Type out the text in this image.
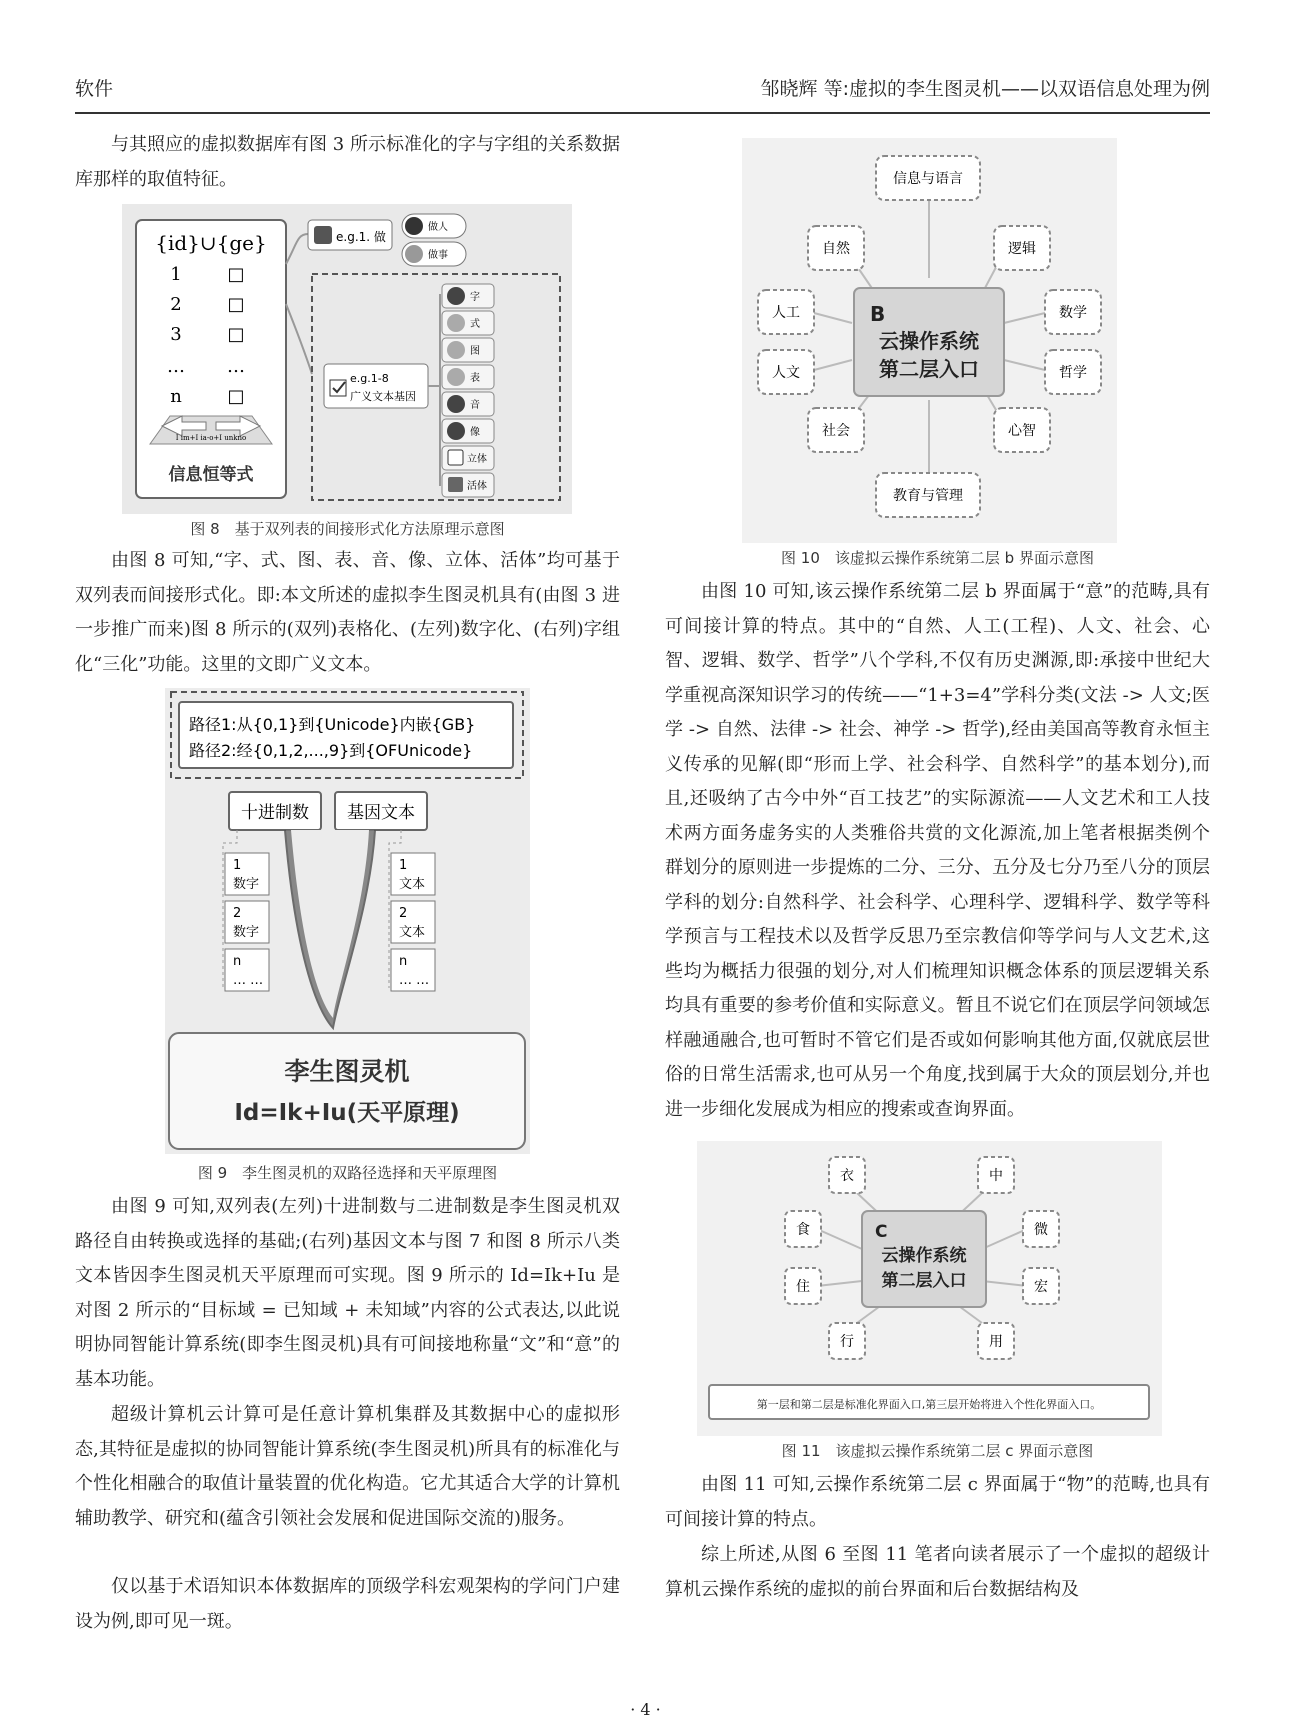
软件	邹晓辉 等:虚拟的李生图灵机——以双语信息处理为例

与其照应的虚拟数据库有图 3 所示标准化的字与字组的关系数据库那样的取值特征。

{id}∪{ge}
1
2
3
…
n
□
□
□
…
□
I im+I ia-o+I unkno
信息恒等式
e.g.1. 做
做人
做事
e.g.1-8
广义文本基因
字
式
图
表
音
像
立体
活体
图 8　基于双列表的间接形式化方法原理示意图

由图 8 可知,“字、式、图、表、音、像、立体、活体”均可基于双列表而间接形式化。即:本文所述的虚拟李生图灵机具有(由图 3 进一步推广而来)图 8 所示的(双列)表格化、(左列)数字化、(右列)字组化“三化”功能。这里的文即广义文本。

路径1:从{0,1}到{Unicode}内嵌{GB}
路径2:经{0,1,2,...,9}到{OFUnicode}
十进制数 基因文本
1
数字
2
数字
n
… …
1
文本
2
文本
n
… …
李生图灵机
Id=Ik+Iu(天平原理)
图 9　李生图灵机的双路径选择和天平原理图

由图 9 可知,双列表(左列)十进制数与二进制数是李生图灵机双路径自由转换或选择的基础;(右列)基因文本与图 7 和图 8 所示八类文本皆因李生图灵机天平原理而可实现。图 9 所示的 Id=Ik+Iu 是对图 2 所示的“目标域 = 已知域 + 未知域”内容的公式表达,以此说明协同智能计算系统(即李生图灵机)具有可间接地称量“文”和“意”的基本功能。

超级计算机云计算可是任意计算机集群及其数据中心的虚拟形态,其特征是虚拟的协同智能计算系统(李生图灵机)所具有的标准化与个性化相融合的取值计量装置的优化构造。它尤其适合大学的计算机辅助教学、研究和(蕴含引领社会发展和促进国际交流的)服务。

仅以基于术语知识本体数据库的顶级学科宏观架构的学问门户建设为例,即可见一斑。

B
云操作系统
第二层入口
信息与语言
自然	逻辑
人工	数学
人文	哲学
社会	心智
教育与管理
图 10　该虚拟云操作系统第二层 b 界面示意图

由图 10 可知,该云操作系统第二层 b 界面属于“意”的范畴,具有可间接计算的特点。其中的“自然、人工(工程)、人文、社会、心智、逻辑、数学、哲学”八个学科,不仅有历史渊源,即:承接中世纪大学重视高深知识学习的传统——“1+3=4”学科分类(文法 -> 人文;医学 -> 自然、法律 -> 社会、神学 -> 哲学),经由美国高等教育永恒主义传承的见解(即“形而上学、社会科学、自然科学”的基本划分),而且,还吸纳了古今中外“百工技艺”的实际源流——人文艺术和工人技术两方面务虚务实的人类雅俗共赏的文化源流,加上笔者根据类例个群划分的原则进一步提炼的二分、三分、五分及七分乃至八分的顶层学科的划分:自然科学、社会科学、心理科学、逻辑科学、数学等科学预言与工程技术以及哲学反思乃至宗教信仰等学问与人文艺术,这些均为概括力很强的划分,对人们梳理知识概念体系的顶层逻辑关系均具有重要的参考价值和实际意义。暂且不说它们在顶层学问领域怎样融通融合,也可暂时不管它们是否或如何影响其他方面,仅就底层世俗的日常生活需求,也可从另一个角度,找到属于大众的顶层划分,并也进一步细化发展成为相应的搜索或查询界面。

C
云操作系统
第二层入口
衣	中
食	微
住	宏
行	用
第一层和第二层是标准化界面入口,第三层开始将进入个性化界面入口。
图 11　该虚拟云操作系统第二层 c 界面示意图

由图 11 可知,云操作系统第二层 c 界面属于“物”的范畴,也具有可间接计算的特点。

综上所述,从图 6 至图 11 笔者向读者展示了一个虚拟的超级计算机云操作系统的虚拟的前台界面和后台数据结构及

· 4 ·
